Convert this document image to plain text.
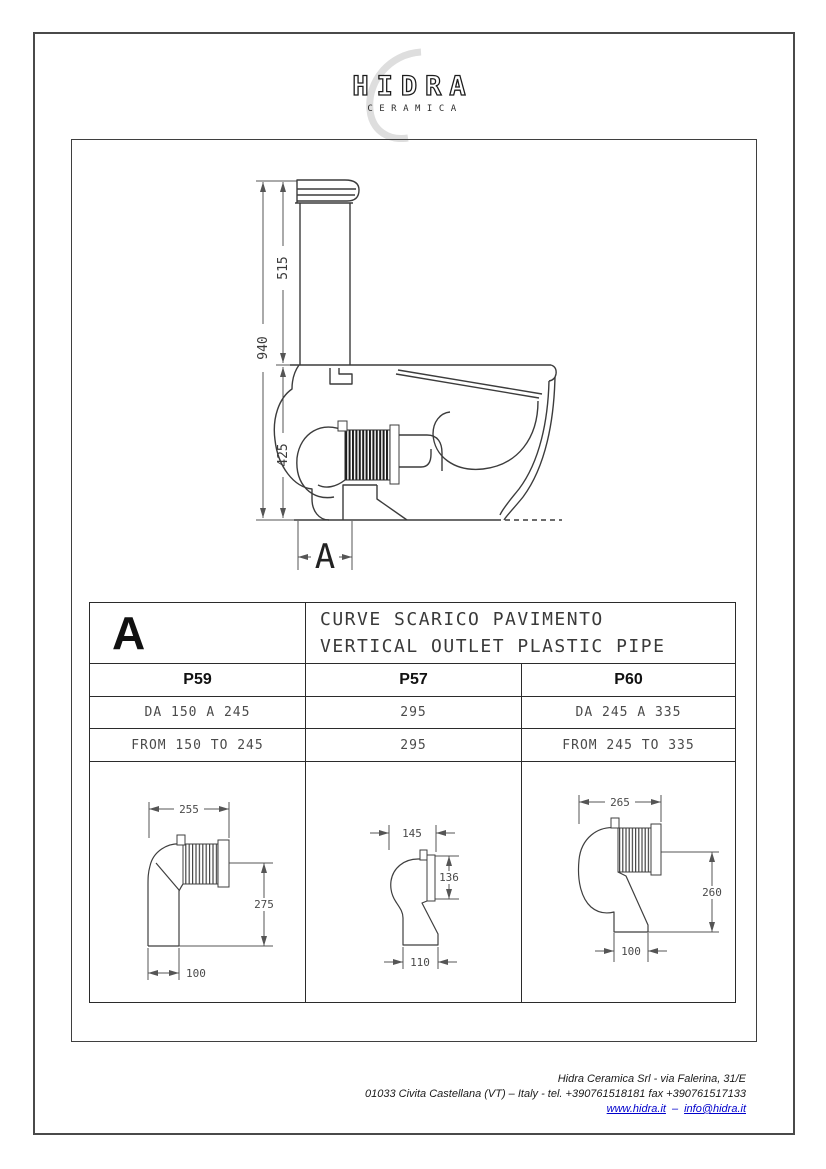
HIDRA
CERAMICA
940
515
425
A
A	CURVE SCARICO PAVIMENTO
VERTICAL OUTLET PLASTIC PIPE
P59	P57	P60
DA 150 A 245	295	DA 245 A 335
FROM 150 TO 245	295	FROM 245 TO 335
255
275
100
145
136
110
265
260
100
Hidra Ceramica Srl - via Falerina, 31/E
01033 Civita Castellana (VT) – Italy - tel. +390761518181 fax +390761517133
www.hidra.it – info@hidra.it
